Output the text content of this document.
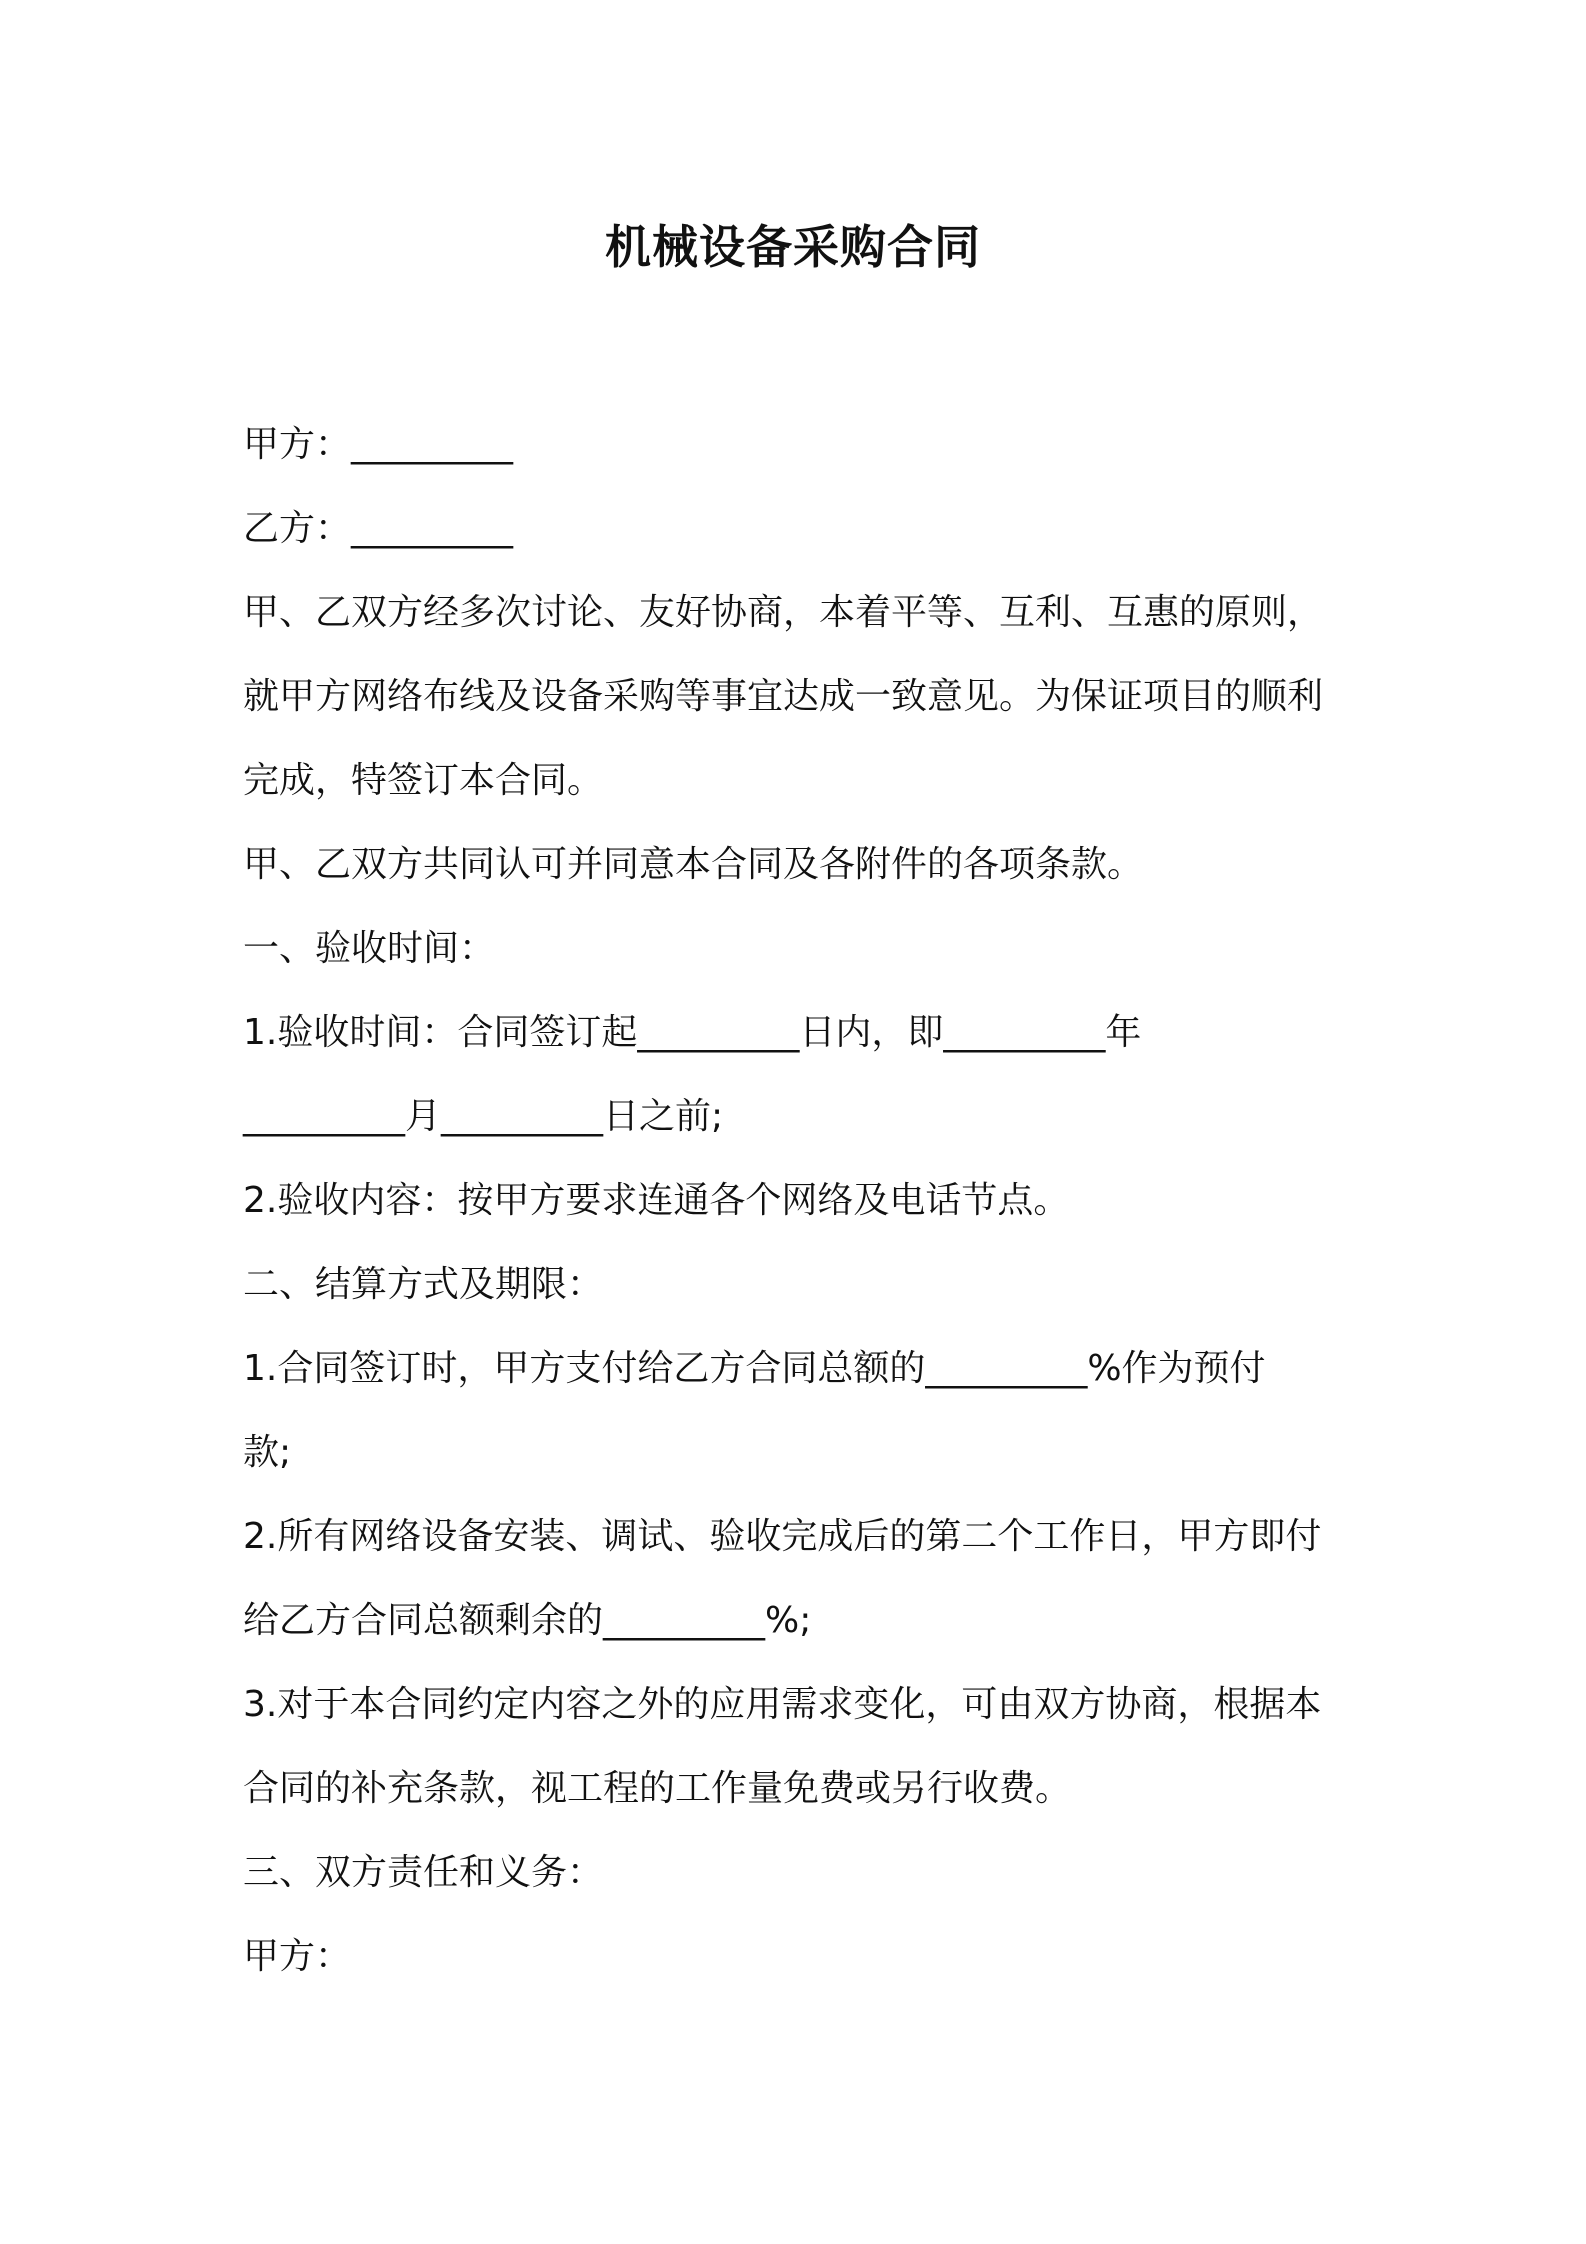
机械设备采购合同
甲方：_________
乙方：_________
甲、乙双方经多次讨论、友好协商，本着平等、互利、互惠的原则，
就甲方网络布线及设备采购等事宜达成一致意见。为保证项目的顺利
完成，特签订本合同。
甲、乙双方共同认可并同意本合同及各附件的各项条款。
一、验收时间：
1.验收时间：合同签订起_________日内，即_________年
_________月_________日之前;
2.验收内容：按甲方要求连通各个网络及电话节点。
二、结算方式及期限：
1.合同签订时，甲方支付给乙方合同总额的_________%作为预付
款;
2.所有网络设备安装、调试、验收完成后的第二个工作日，甲方即付
给乙方合同总额剩余的_________%;
3.对于本合同约定内容之外的应用需求变化，可由双方协商，根据本
合同的补充条款，视工程的工作量免费或另行收费。
三、双方责任和义务：
甲方：
